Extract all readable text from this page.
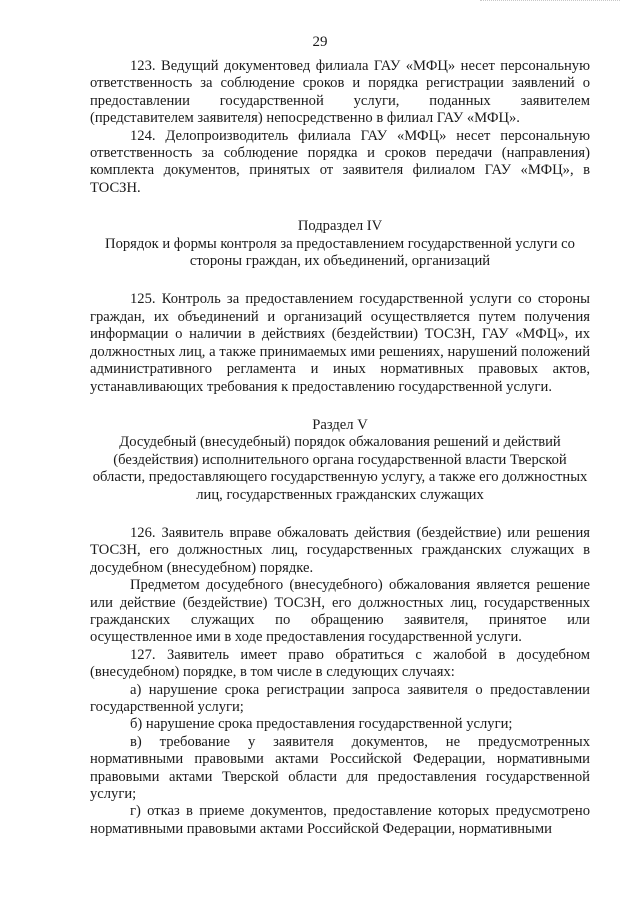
29

123. Ведущий документовед филиала ГАУ «МФЦ» несет персональную ответственность за соблюдение сроков и порядка регистрации заявлений о предоставлении государственной услуги, поданных заявителем (представителем заявителя) непосредственно в филиал ГАУ «МФЦ».

124. Делопроизводитель филиала ГАУ «МФЦ» несет персональную ответственность за соблюдение порядка и сроков передачи (направления) комплекта документов, принятых от заявителя филиалом ГАУ «МФЦ», в ТОСЗН.

Подраздел IV

Порядок и формы контроля за предоставлением государственной услуги со стороны граждан, их объединений, организаций

125. Контроль за предоставлением государственной услуги со стороны граждан, их объединений и организаций осуществляется путем получения информации о наличии в действиях (бездействии) ТОСЗН, ГАУ «МФЦ», их должностных лиц, а также принимаемых ими решениях, нарушений положений административного регламента и иных нормативных правовых актов, устанавливающих требования к предоставлению государственной услуги.

Раздел V

Досудебный (внесудебный) порядок обжалования решений и действий (бездействия) исполнительного органа государственной власти Тверской области, предоставляющего государственную услугу, а также его должностных лиц, государственных гражданских служащих

126. Заявитель вправе обжаловать действия (бездействие) или решения ТОСЗН, его должностных лиц, государственных гражданских служащих в досудебном (внесудебном) порядке.

Предметом досудебного (внесудебного) обжалования является решение или действие (бездействие) ТОСЗН, его должностных лиц, государственных гражданских служащих по обращению заявителя, принятое или осуществленное ими в ходе предоставления государственной услуги.

127. Заявитель имеет право обратиться с жалобой в досудебном (внесудебном) порядке, в том числе в следующих случаях:

а) нарушение срока регистрации запроса заявителя о предоставлении государственной услуги;

б) нарушение срока предоставления государственной услуги;

в) требование у заявителя документов, не предусмотренных нормативными правовыми актами Российской Федерации, нормативными правовыми актами Тверской области для предоставления государственной услуги;

г) отказ в приеме документов, предоставление которых предусмотрено нормативными правовыми актами Российской Федерации, нормативными
